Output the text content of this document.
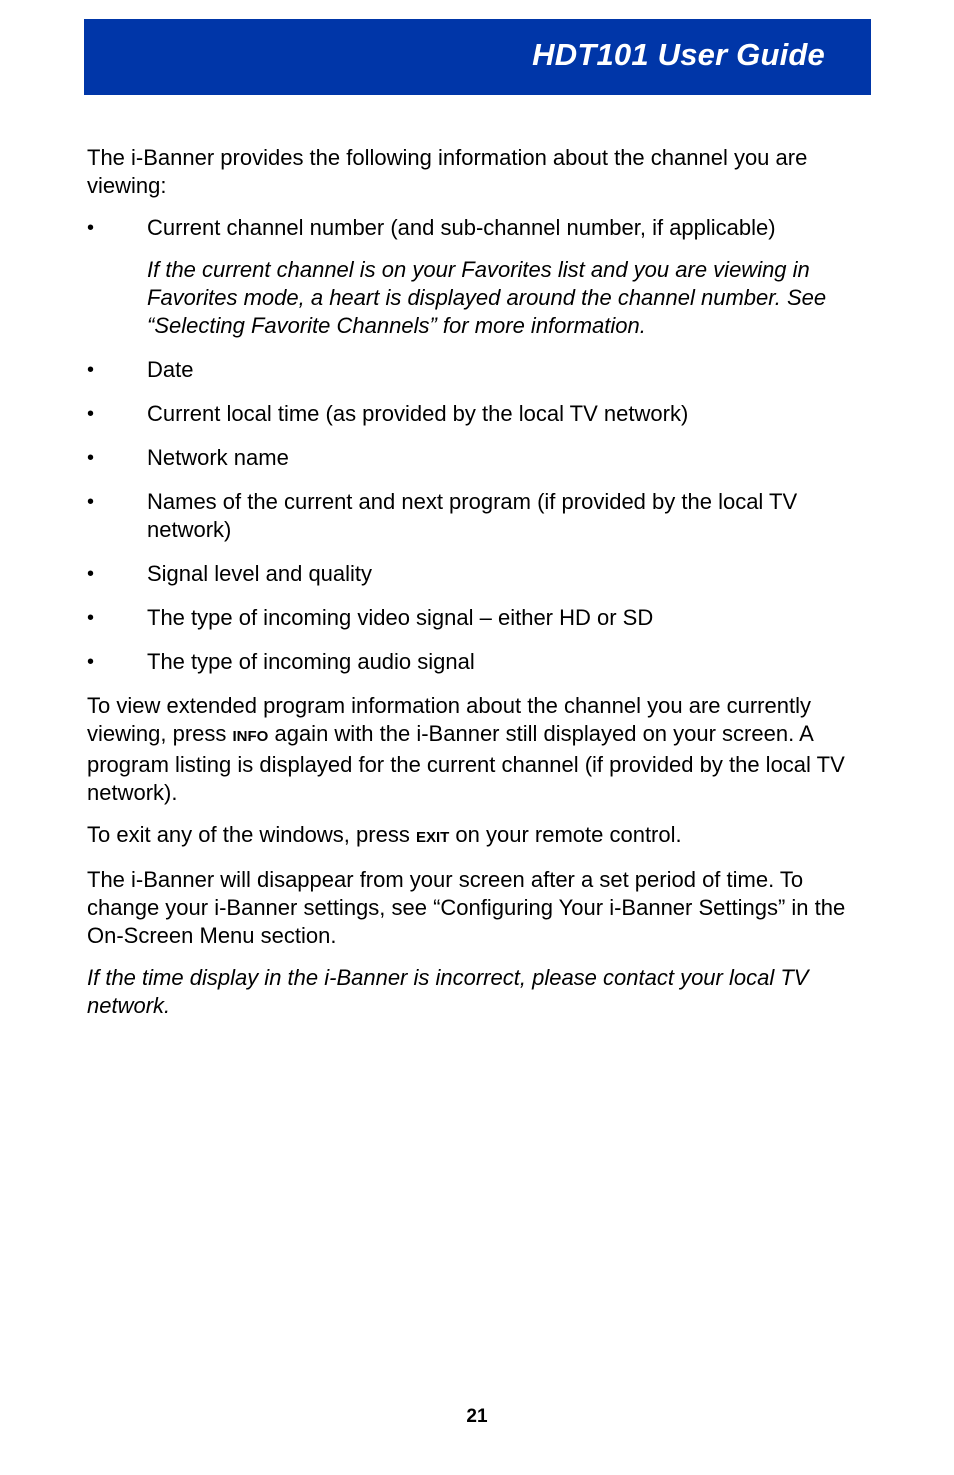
HDT101 User Guide

The i-Banner provides the following information about the channel you are viewing:

• Current channel number (and sub-channel number, if applicable)
If the current channel is on your Favorites list and you are viewing in Favorites mode, a heart is displayed around the channel number. See “Selecting Favorite Channels” for more information.
• Date
• Current local time (as provided by the local TV network)
• Network name
• Names of the current and next program (if provided by the local TV network)
• Signal level and quality
• The type of incoming video signal – either HD or SD
• The type of incoming audio signal

To view extended program information about the channel you are currently viewing, press INFO again with the i-Banner still displayed on your screen. A program listing is displayed for the current channel (if provided by the local TV network).

To exit any of the windows, press EXIT on your remote control.

The i-Banner will disappear from your screen after a set period of time. To change your i-Banner settings, see “Configuring Your i-Banner Settings” in the On-Screen Menu section.

If the time display in the i-Banner is incorrect, please contact your local TV network.

21
